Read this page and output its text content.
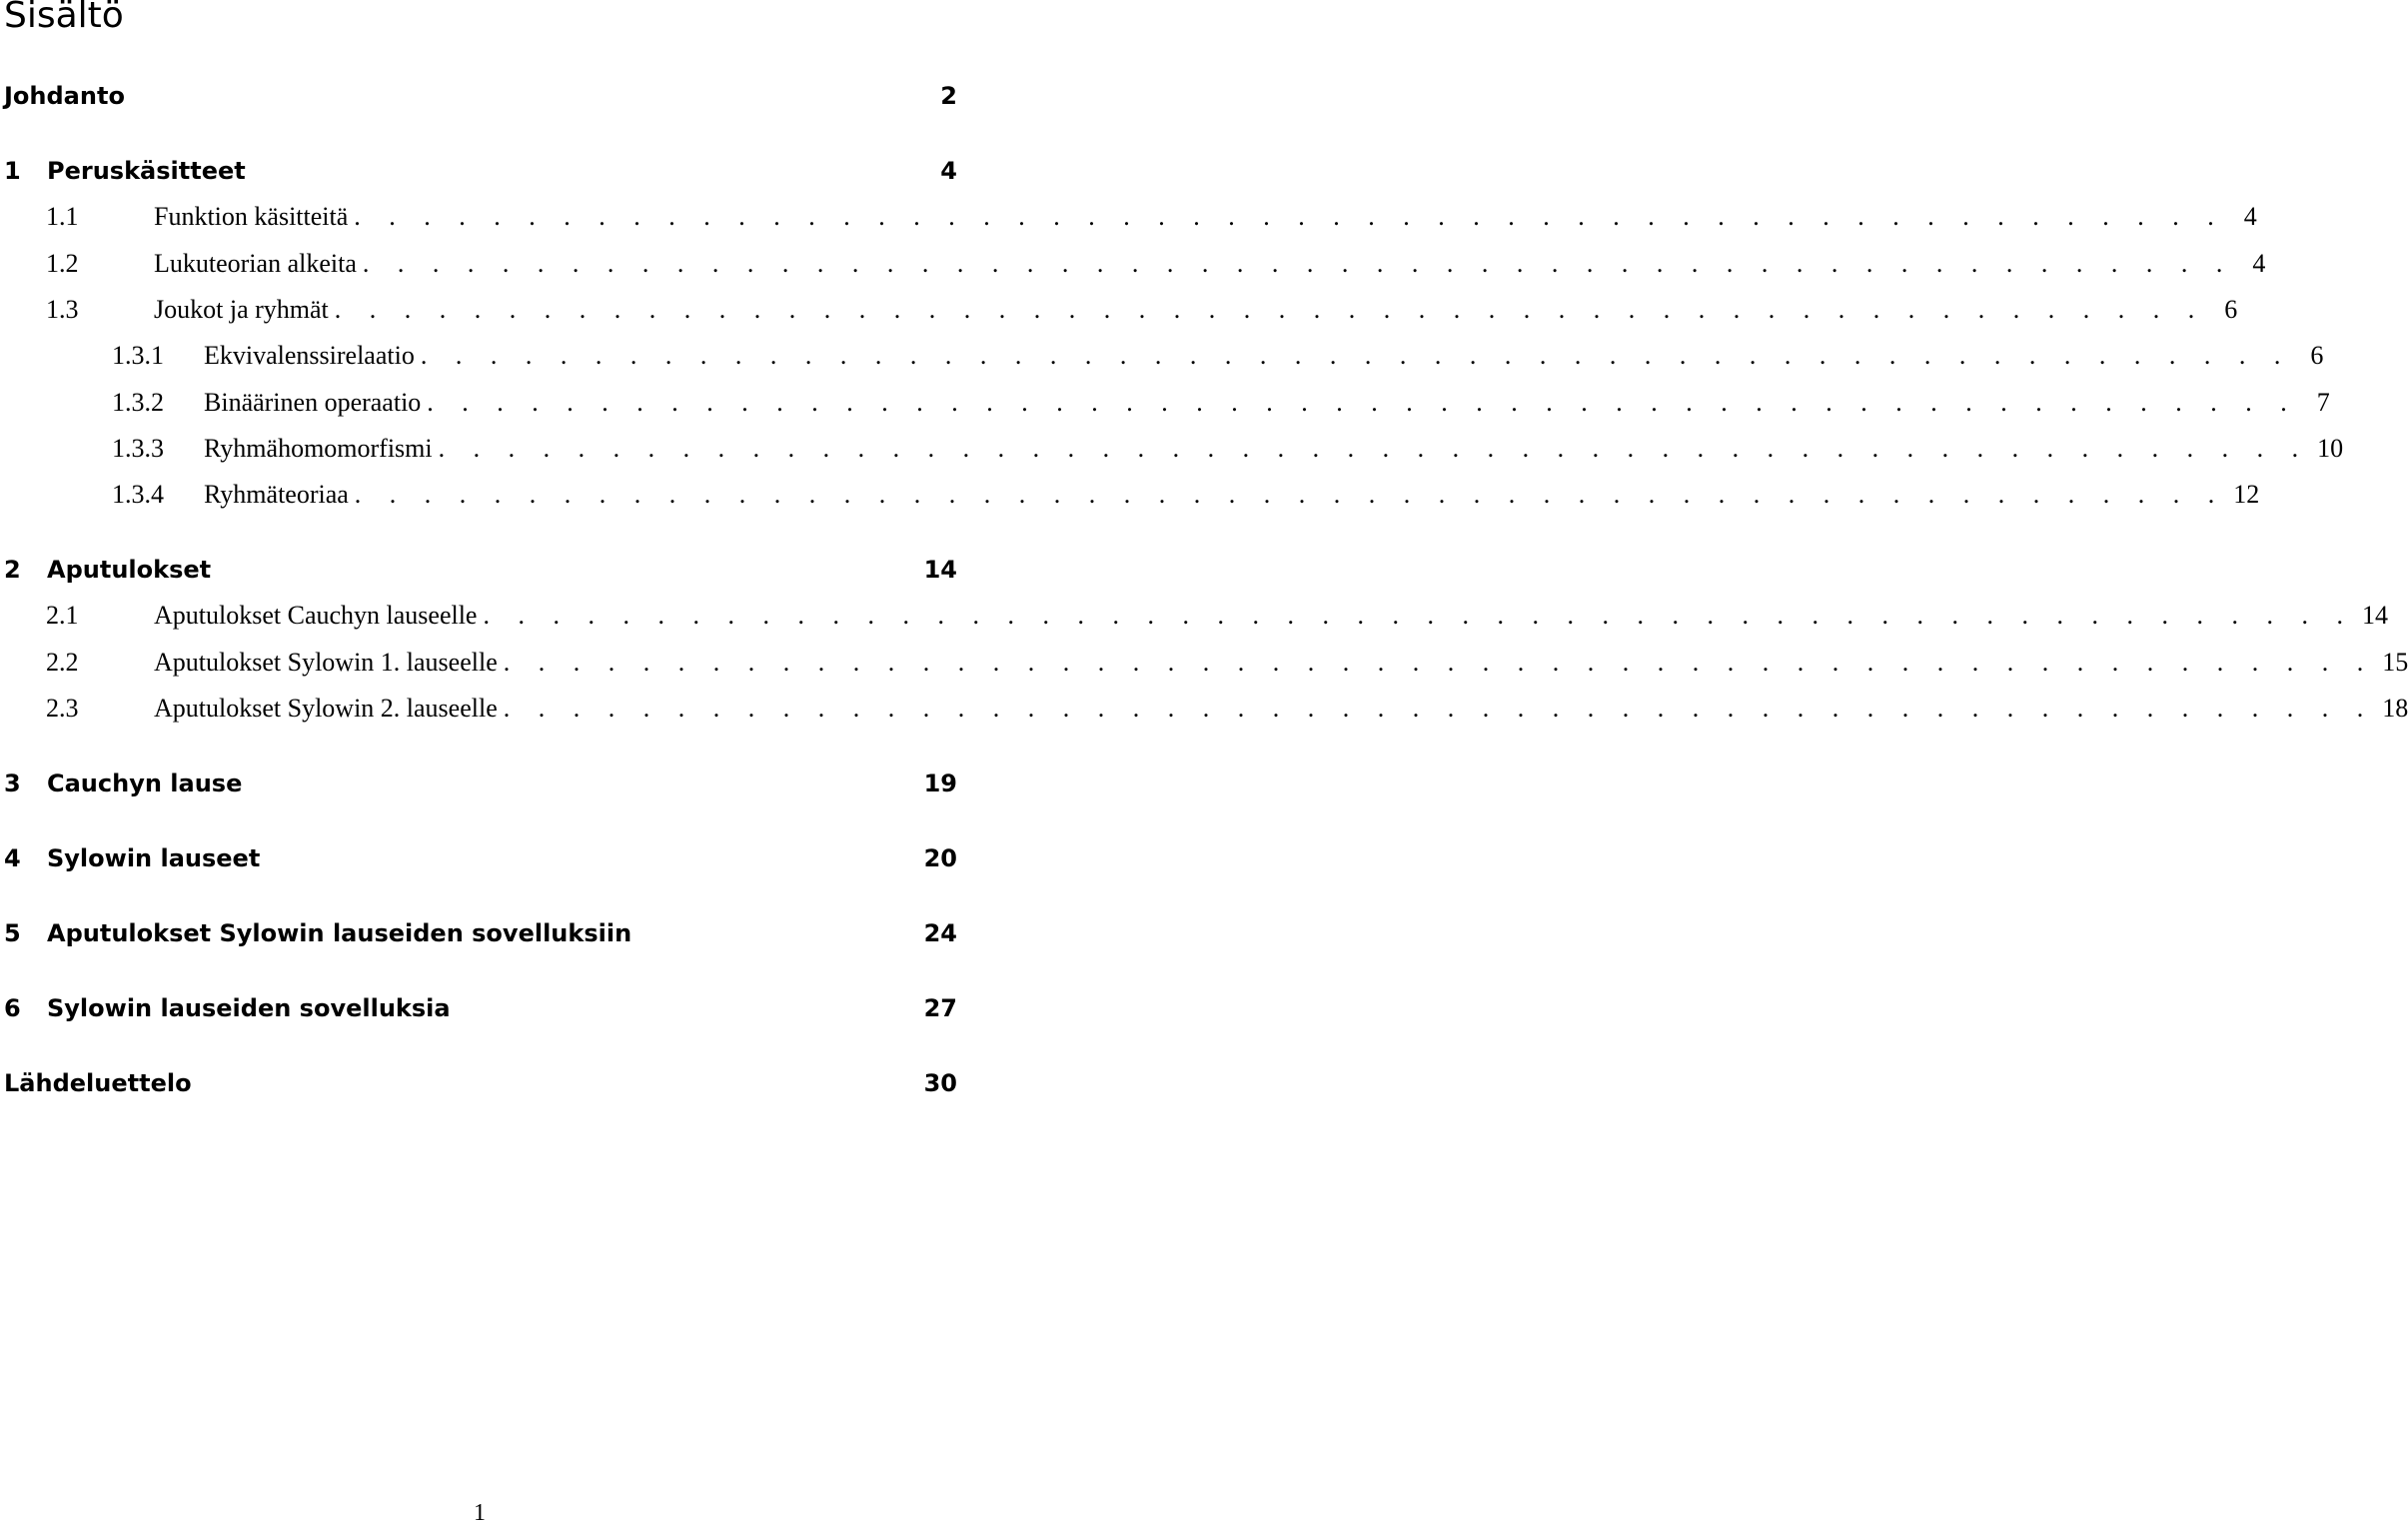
Sisältö
Johdanto	2
1	Peruskäsitteet	4
1.1	Funktion käsitteitä . . . . . . . . . . . . . . . . . . . . . . . . . . . . . . . . . . . . . . . . . . . . . . . . . . . . . . 4
1.2	Lukuteorian alkeita . . . . . . . . . . . . . . . . . . . . . . . . . . . . . . . . . . . . . . . . . . . . . . . . . . . . . . 4
1.3	Joukot ja ryhmät . . . . . . . . . . . . . . . . . . . . . . . . . . . . . . . . . . . . . . . . . . . . . . . . . . . . . . 6
1.3.1	Ekvivalenssirelaatio . . . . . . . . . . . . . . . . . . . . . . . . . . . . . . . . . . . . . . . . . . . . . . . . . . . . . . 6
1.3.2	Binäärinen operaatio . . . . . . . . . . . . . . . . . . . . . . . . . . . . . . . . . . . . . . . . . . . . . . . . . . . . . . 7
1.3.3	Ryhmähomomorfismi . . . . . . . . . . . . . . . . . . . . . . . . . . . . . . . . . . . . . . . . . . . . . . . . . . . . . . 10
1.3.4	Ryhmäteoriaa . . . . . . . . . . . . . . . . . . . . . . . . . . . . . . . . . . . . . . . . . . . . . . . . . . . . . . 12
2	Aputulokset	14
2.1	Aputulokset Cauchyn lauseelle . . . . . . . . . . . . . . . . . . . . . . . . . . . . . . . . . . . . . . . . . . . . . . . . . . . . . . 14
2.2	Aputulokset Sylowin 1. lauseelle . . . . . . . . . . . . . . . . . . . . . . . . . . . . . . . . . . . . . . . . . . . . . . . . . . . . . . 15
2.3	Aputulokset Sylowin 2. lauseelle . . . . . . . . . . . . . . . . . . . . . . . . . . . . . . . . . . . . . . . . . . . . . . . . . . . . . . 18
3	Cauchyn lause	19
4	Sylowin lauseet	20
5	Aputulokset Sylowin lauseiden sovelluksiin	24
6	Sylowin lauseiden sovelluksia	27
Lähdeluettelo	30
1
